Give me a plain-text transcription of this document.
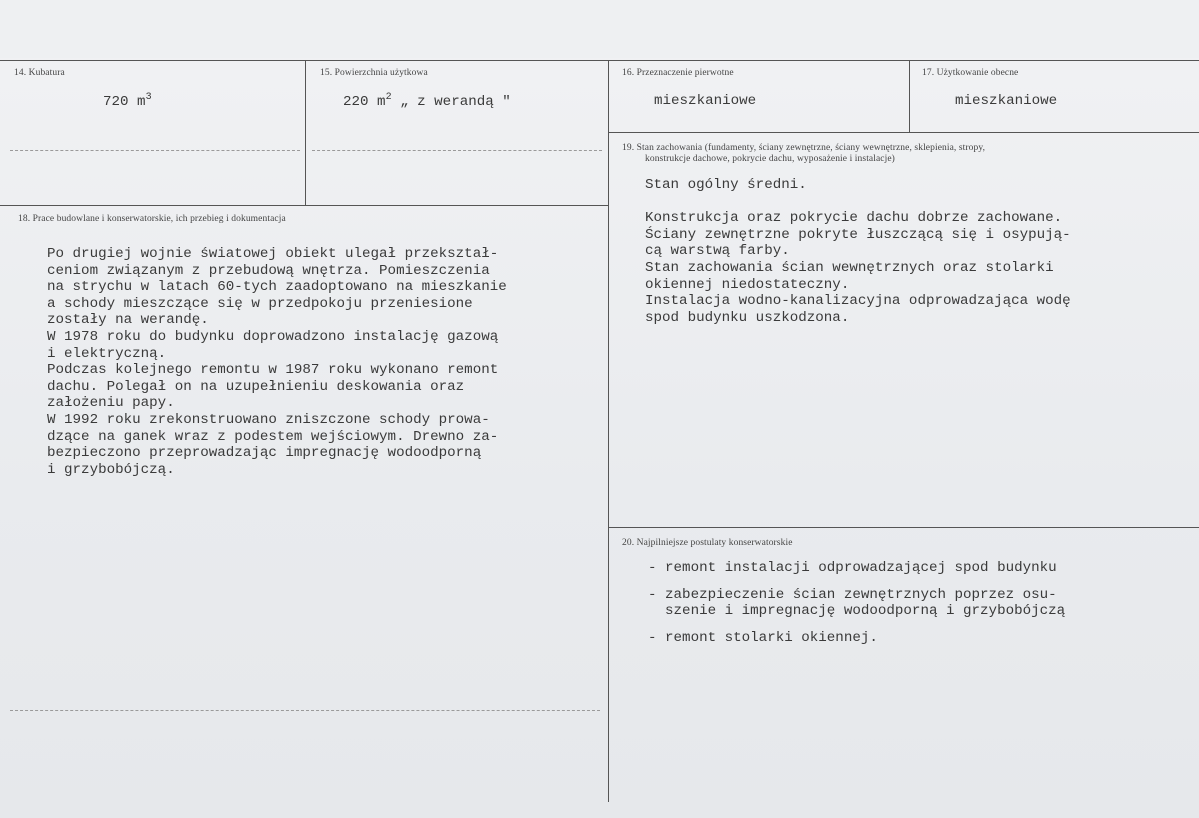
14. Kubatura
720 $m^3$
15. Powierzchnia użytkowa
220 $m^2$ „ z werandą "
16. Przeznaczenie pierwotne
mieszkaniowe
17. Użytkowanie obecne
mieszkaniowe
18. Prace budowlane i konserwatorskie, ich przebieg i dokumentacja
Po drugiej wojnie światowej obiekt ulegał przekształ-
ceniom związanym z przebudową wnętrza. Pomieszczenia
na strychu w latach 60-tych zaadoptowano na mieszkanie
a schody mieszczące się w przedpokoju przeniesione
zostały na werandę.
W 1978 roku do budynku doprowadzono instalację gazową
i elektryczną.
Podczas kolejnego remontu w 1987 roku wykonano remont
dachu. Polegał on na uzupełnieniu deskowania oraz
założeniu papy.
W 1992 roku zrekonstruowano zniszczone schody prowa-
dzące na ganek wraz z podestem wejściowym. Drewno za-
bezpieczono przeprowadzając impregnację wodoodporną
i grzybobójczą.
19. Stan zachowania (fundamenty, ściany zewnętrzne, ściany wewnętrzne, sklepienia, stropy,
konstrukcje dachowe, pokrycie dachu, wyposażenie i instalacje)
Stan ogólny średni.

Konstrukcja oraz pokrycie dachu dobrze zachowane.
Ściany zewnętrzne pokryte łuszczącą się i osypują-
cą warstwą farby.
Stan zachowania ścian wewnętrznych oraz stolarki
okiennej niedostateczny.
Instalacja wodno-kanalizacyjna odprowadzająca wodę
spod budynku uszkodzona.
20. Najpilniejsze postulaty konserwatorskie
- remont instalacji odprowadzającej spod budynku
- zabezpieczenie ścian zewnętrznych poprzez osu-
szenie i impregnację wodoodporną i grzybobójczą
- remont stolarki okiennej.
